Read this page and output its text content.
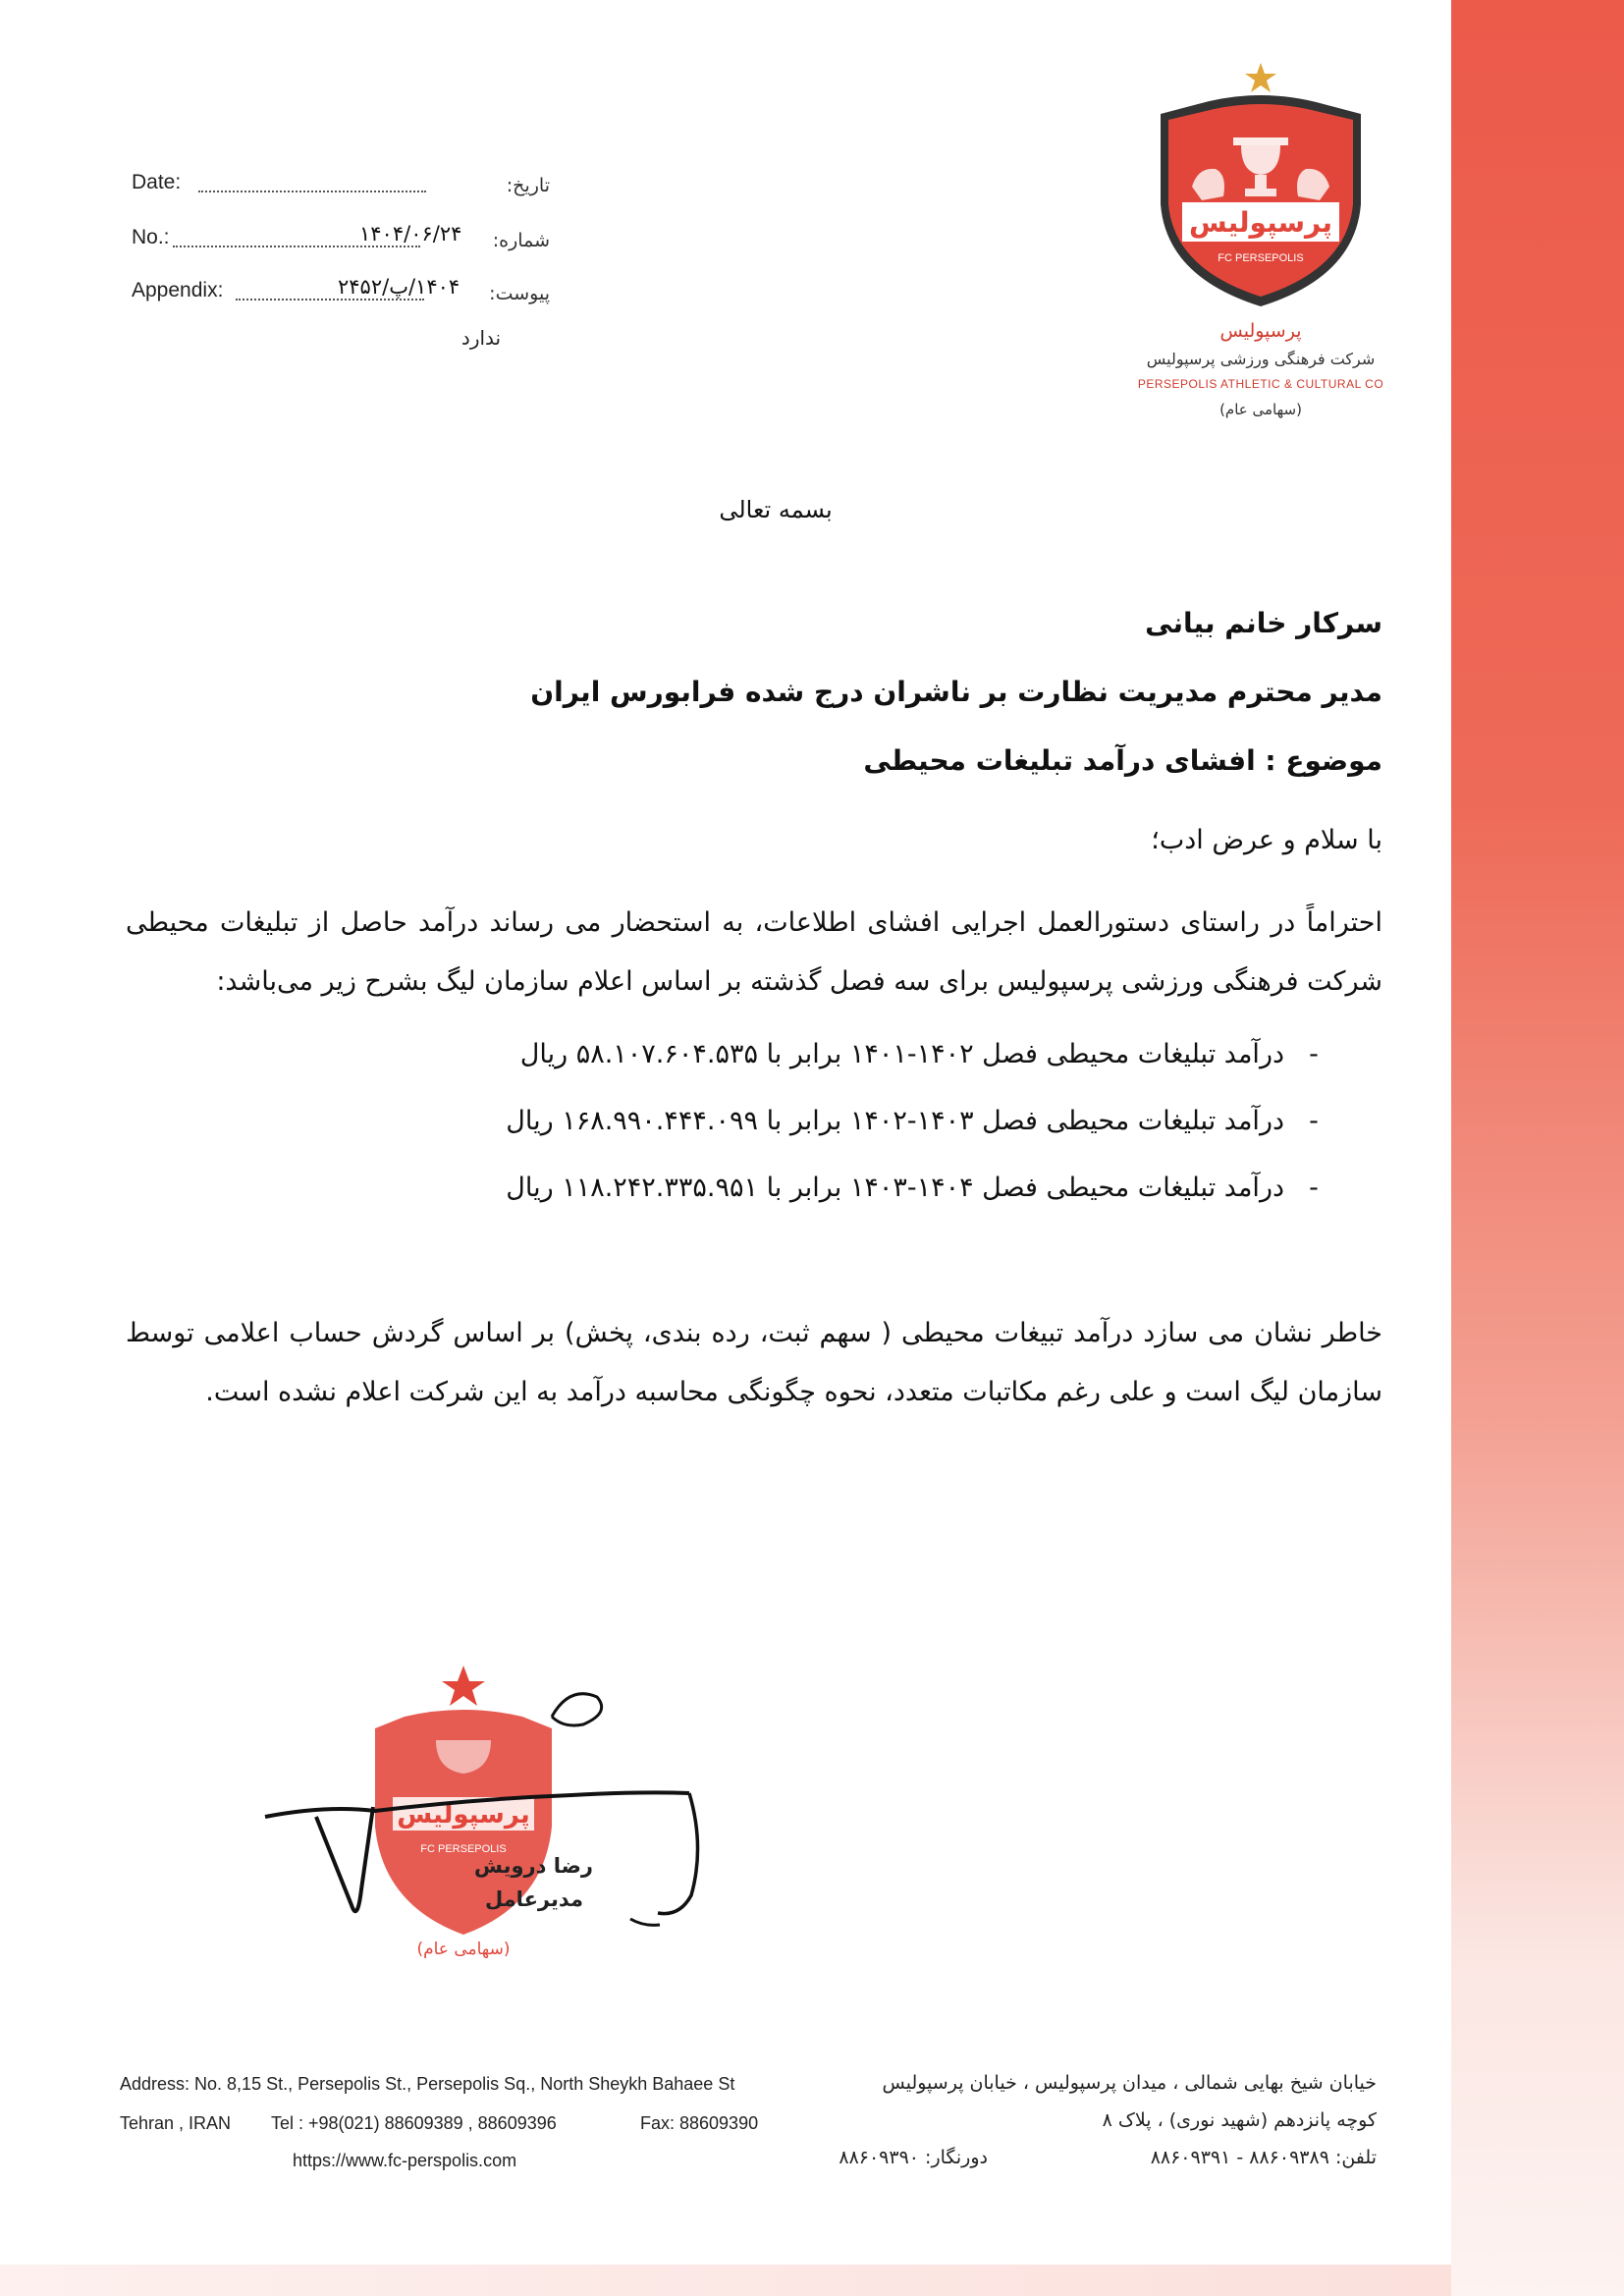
Date:	تاریخ:
No.:	۱۴۰۴/۰۶/۲۴ شماره:
Appendix:	۱۴۰۴/پ/۲۴۵۲ پیوست:
ندارد
پرسپولیس
FC PERSEPOLIS
پرسپولیس
شرکت فرهنگی ورزشی پرسپولیس
PERSEPOLIS ATHLETIC & CULTURAL CO
(سهامی عام)
بسمه تعالی
سرکار خانم بیانی
مدیر محترم مدیریت نظارت بر ناشران درج شده فرابورس ایران
موضوع : افشای درآمد تبلیغات محیطی
با سلام و عرض ادب؛
احتراماً در راستای دستورالعمل اجرایی افشای اطلاعات، به استحضار می رساند درآمد حاصل از تبلیغات محیطی شرکت فرهنگی ورزشی پرسپولیس برای سه فصل گذشته بر اساس اعلام سازمان لیگ بشرح زیر می‌باشد:
-درآمد تبلیغات محیطی فصل ۱۴۰۲-۱۴۰۱ برابر با ۵۸.۱۰۷.۶۰۴.۵۳۵ ریال
-درآمد تبلیغات محیطی فصل ۱۴۰۳-۱۴۰۲ برابر با ۱۶۸.۹۹۰.۴۴۴.۰۹۹ ریال
-درآمد تبلیغات محیطی فصل ۱۴۰۴-۱۴۰۳ برابر با ۱۱۸.۲۴۲.۳۳۵.۹۵۱ ریال
خاطر نشان می سازد درآمد تبیغات محیطی ( سهم ثبت، رده بندی، پخش) بر اساس گردش حساب اعلامی توسط سازمان لیگ است و علی رغم مکاتبات متعدد، نحوه چگونگی محاسبه درآمد به این شرکت اعلام نشده است.
پرسپولیس
FC PERSEPOLIS
(سهامی عام)
رضا درویش
مدیرعامل
Address: No. 8,15 St., Persepolis St., Persepolis Sq., North Sheykh Bahaee St
Tehran , IRAN Tel : +98(021) 88609389 , 88609396	Fax: 88609390
https://www.fc-perspolis.com
خیابان شیخ بهایی شمالی ، میدان پرسپولیس ، خیابان پرسپولیس
کوچه پانزدهم (شهید نوری) ، پلاک ۸
تلفن: ۸۸۶۰۹۳۸۹ - ۸۸۶۰۹۳۹۱
دورنگار: ۸۸۶۰۹۳۹۰
